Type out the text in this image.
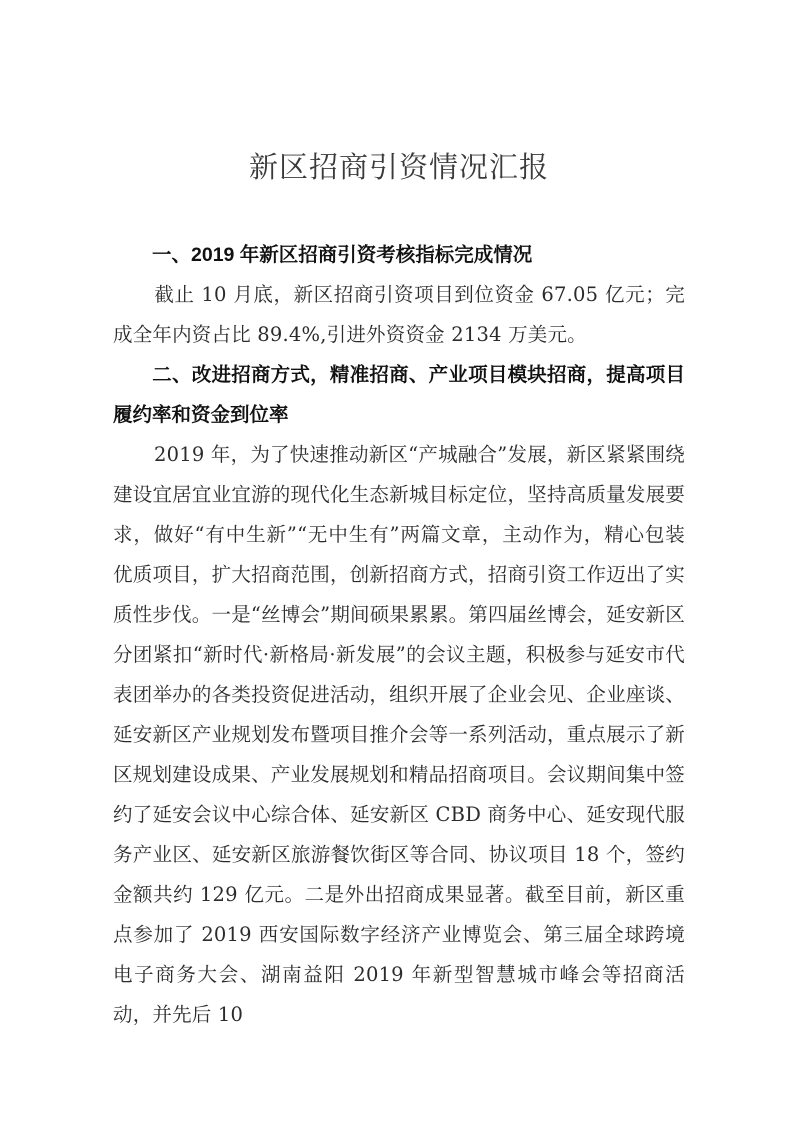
新区招商引资情况汇报

一、2019 年新区招商引资考核指标完成情况

截止 10 月底，新区招商引资项目到位资金 67.05 亿元；完成全年内资占比 89.4%,引进外资资金 2134 万美元。

二、改进招商方式，精准招商、产业项目模块招商，提高项目履约率和资金到位率

2019 年，为了快速推动新区“产城融合”发展，新区紧紧围绕建设宜居宜业宜游的现代化生态新城目标定位，坚持高质量发展要求，做好“有中生新”“无中生有”两篇文章，主动作为，精心包装优质项目，扩大招商范围，创新招商方式，招商引资工作迈出了实质性步伐。一是“丝博会”期间硕果累累。第四届丝博会，延安新区分团紧扣“新时代·新格局·新发展”的会议主题，积极参与延安市代表团举办的各类投资促进活动，组织开展了企业会见、企业座谈、延安新区产业规划发布暨项目推介会等一系列活动，重点展示了新区规划建设成果、产业发展规划和精品招商项目。会议期间集中签约了延安会议中心综合体、延安新区 CBD 商务中心、延安现代服务产业区、延安新区旅游餐饮街区等合同、协议项目 18 个，签约金额共约 129 亿元。二是外出招商成果显著。截至目前，新区重点参加了 2019 西安国际数字经济产业博览会、第三届全球跨境电子商务大会、湖南益阳 2019 年新型智慧城市峰会等招商活动，并先后 10
